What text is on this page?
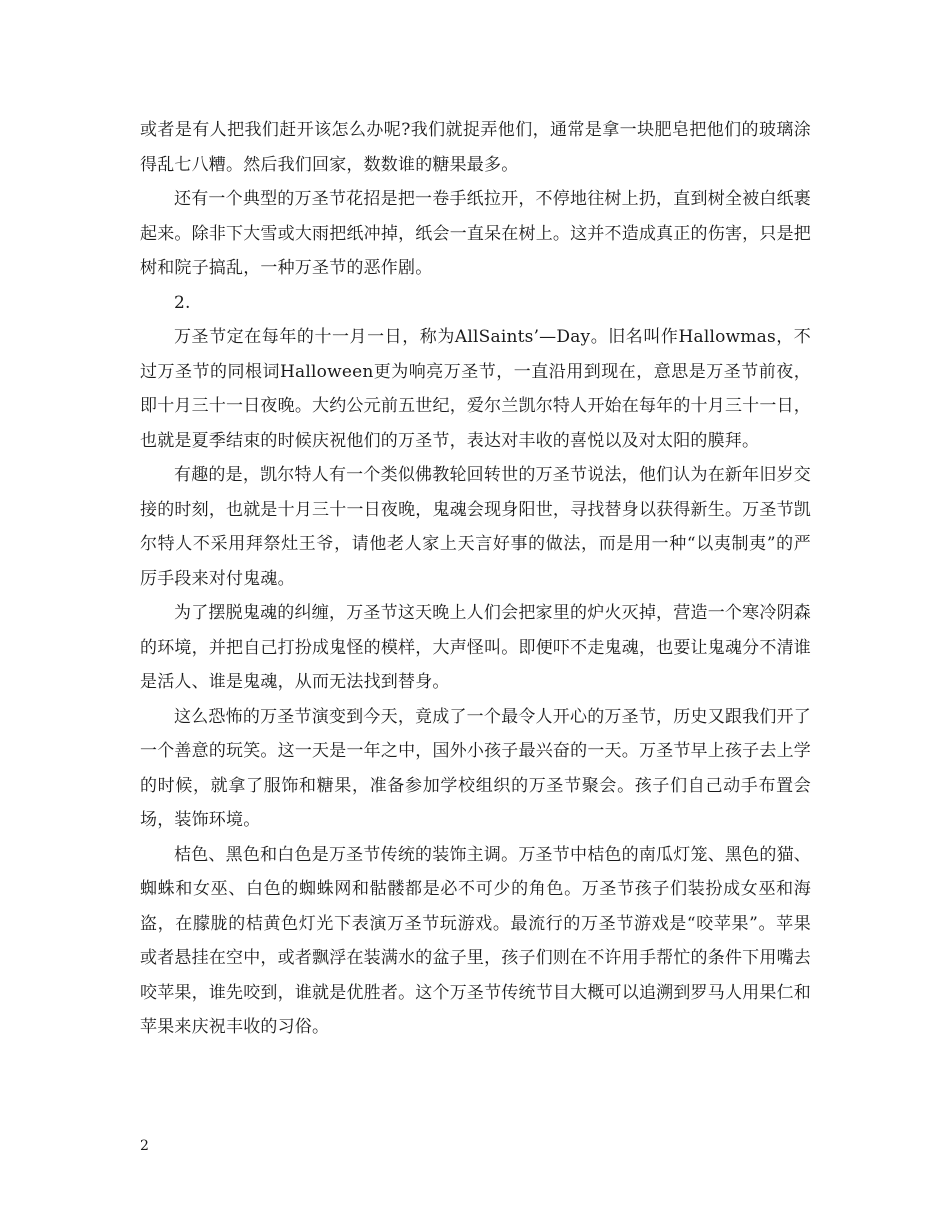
或者是有人把我们赶开该怎么办呢?我们就捉弄他们，通常是拿一块肥皂把他们的玻璃涂得乱七八糟。然后我们回家，数数谁的糖果最多。

还有一个典型的万圣节花招是把一卷手纸拉开，不停地往树上扔，直到树全被白纸裹起来。除非下大雪或大雨把纸冲掉，纸会一直呆在树上。这并不造成真正的伤害，只是把树和院子搞乱，一种万圣节的恶作剧。

2.

万圣节定在每年的十一月一日，称为AllSaints’—Day。旧名叫作Hallowmas，不过万圣节的同根词Halloween更为响亮万圣节，一直沿用到现在，意思是万圣节前夜，即十月三十一日夜晚。大约公元前五世纪，爱尔兰凯尔特人开始在每年的十月三十一日，也就是夏季结束的时候庆祝他们的万圣节，表达对丰收的喜悦以及对太阳的膜拜。

有趣的是，凯尔特人有一个类似佛教轮回转世的万圣节说法，他们认为在新年旧岁交接的时刻，也就是十月三十一日夜晚，鬼魂会现身阳世，寻找替身以获得新生。万圣节凯尔特人不采用拜祭灶王爷，请他老人家上天言好事的做法，而是用一种“以夷制夷”的严厉手段来对付鬼魂。

为了摆脱鬼魂的纠缠，万圣节这天晚上人们会把家里的炉火灭掉，营造一个寒冷阴森的环境，并把自己打扮成鬼怪的模样，大声怪叫。即便吓不走鬼魂，也要让鬼魂分不清谁是活人、谁是鬼魂，从而无法找到替身。

这么恐怖的万圣节演变到今天，竟成了一个最令人开心的万圣节，历史又跟我们开了一个善意的玩笑。这一天是一年之中，国外小孩子最兴奋的一天。万圣节早上孩子去上学的时候，就拿了服饰和糖果，准备参加学校组织的万圣节聚会。孩子们自己动手布置会场，装饰环境。

桔色、黑色和白色是万圣节传统的装饰主调。万圣节中桔色的南瓜灯笼、黑色的猫、蜘蛛和女巫、白色的蜘蛛网和骷髅都是必不可少的角色。万圣节孩子们装扮成女巫和海盗，在朦胧的桔黄色灯光下表演万圣节玩游戏。最流行的万圣节游戏是“咬苹果”。苹果或者悬挂在空中，或者飘浮在装满水的盆子里，孩子们则在不许用手帮忙的条件下用嘴去咬苹果，谁先咬到，谁就是优胜者。这个万圣节传统节目大概可以追溯到罗马人用果仁和苹果来庆祝丰收的习俗。

2
